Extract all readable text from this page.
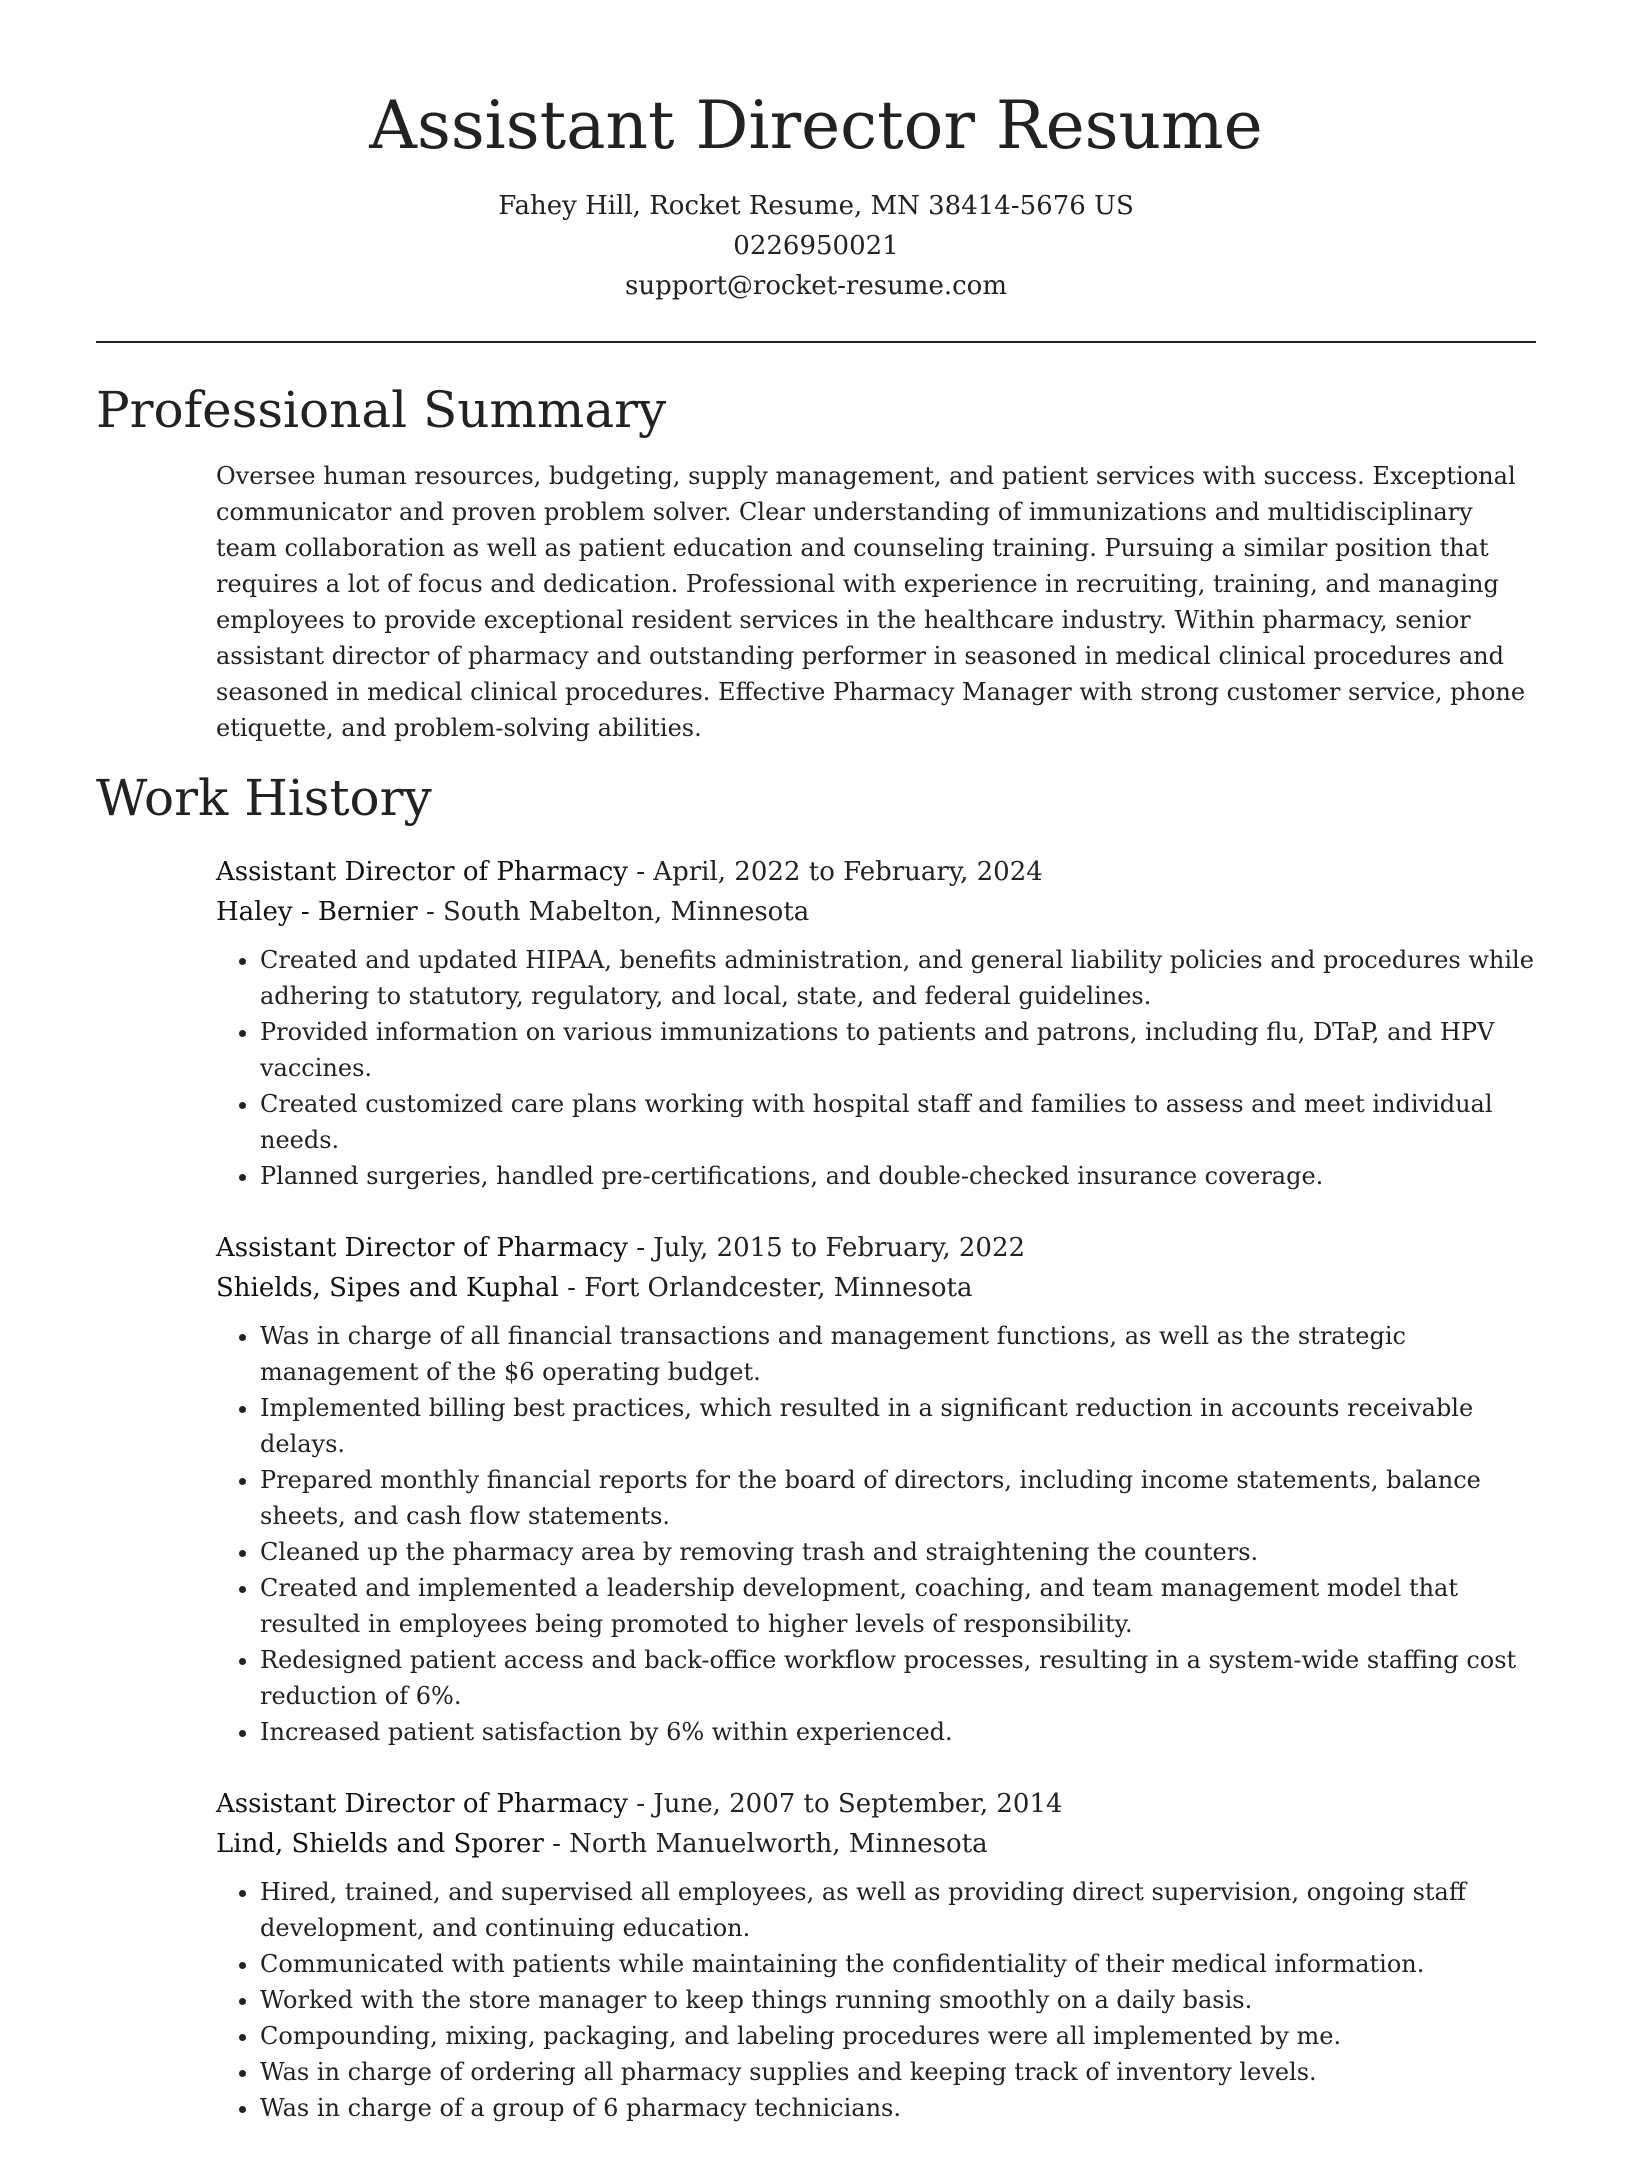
Assistant Director Resume
Fahey Hill, Rocket Resume, MN 38414-5676 US
0226950021
support@rocket-resume.com
Professional Summary

Oversee human resources, budgeting, supply management, and patient services with success. Exceptional communicator and proven problem solver. Clear understanding of immunizations and multidisciplinary team collaboration as well as patient education and counseling training. Pursuing a similar position that requires a lot of focus and dedication. Professional with experience in recruiting, training, and managing employees to provide exceptional resident services in the healthcare industry. Within pharmacy, senior assistant director of pharmacy and outstanding performer in seasoned in medical clinical procedures and seasoned in medical clinical procedures. Effective Pharmacy Manager with strong customer service, phone etiquette, and problem-solving abilities.

Work History

Assistant Director of Pharmacy - April, 2022 to February, 2024

Haley - Bernier - South Mabelton, Minnesota

• Created and updated HIPAA, benefits administration, and general liability policies and procedures while adhering to statutory, regulatory, and local, state, and federal guidelines.
• Provided information on various immunizations to patients and patrons, including flu, DTaP, and HPV vaccines.
• Created customized care plans working with hospital staff and families to assess and meet individual needs.
• Planned surgeries, handled pre-certifications, and double-checked insurance coverage.

Assistant Director of Pharmacy - July, 2015 to February, 2022

Shields, Sipes and Kuphal - Fort Orlandcester, Minnesota

• Was in charge of all financial transactions and management functions, as well as the strategic management of the $6 operating budget.
• Implemented billing best practices, which resulted in a significant reduction in accounts receivable delays.
• Prepared monthly financial reports for the board of directors, including income statements, balance sheets, and cash flow statements.
• Cleaned up the pharmacy area by removing trash and straightening the counters.
• Created and implemented a leadership development, coaching, and team management model that resulted in employees being promoted to higher levels of responsibility.
• Redesigned patient access and back-office workflow processes, resulting in a system-wide staffing cost reduction of 6%.
• Increased patient satisfaction by 6% within experienced.

Assistant Director of Pharmacy - June, 2007 to September, 2014

Lind, Shields and Sporer - North Manuelworth, Minnesota

• Hired, trained, and supervised all employees, as well as providing direct supervision, ongoing staff development, and continuing education.
• Communicated with patients while maintaining the confidentiality of their medical information.
• Worked with the store manager to keep things running smoothly on a daily basis.
• Compounding, mixing, packaging, and labeling procedures were all implemented by me.
• Was in charge of ordering all pharmacy supplies and keeping track of inventory levels.
• Was in charge of a group of 6 pharmacy technicians.
